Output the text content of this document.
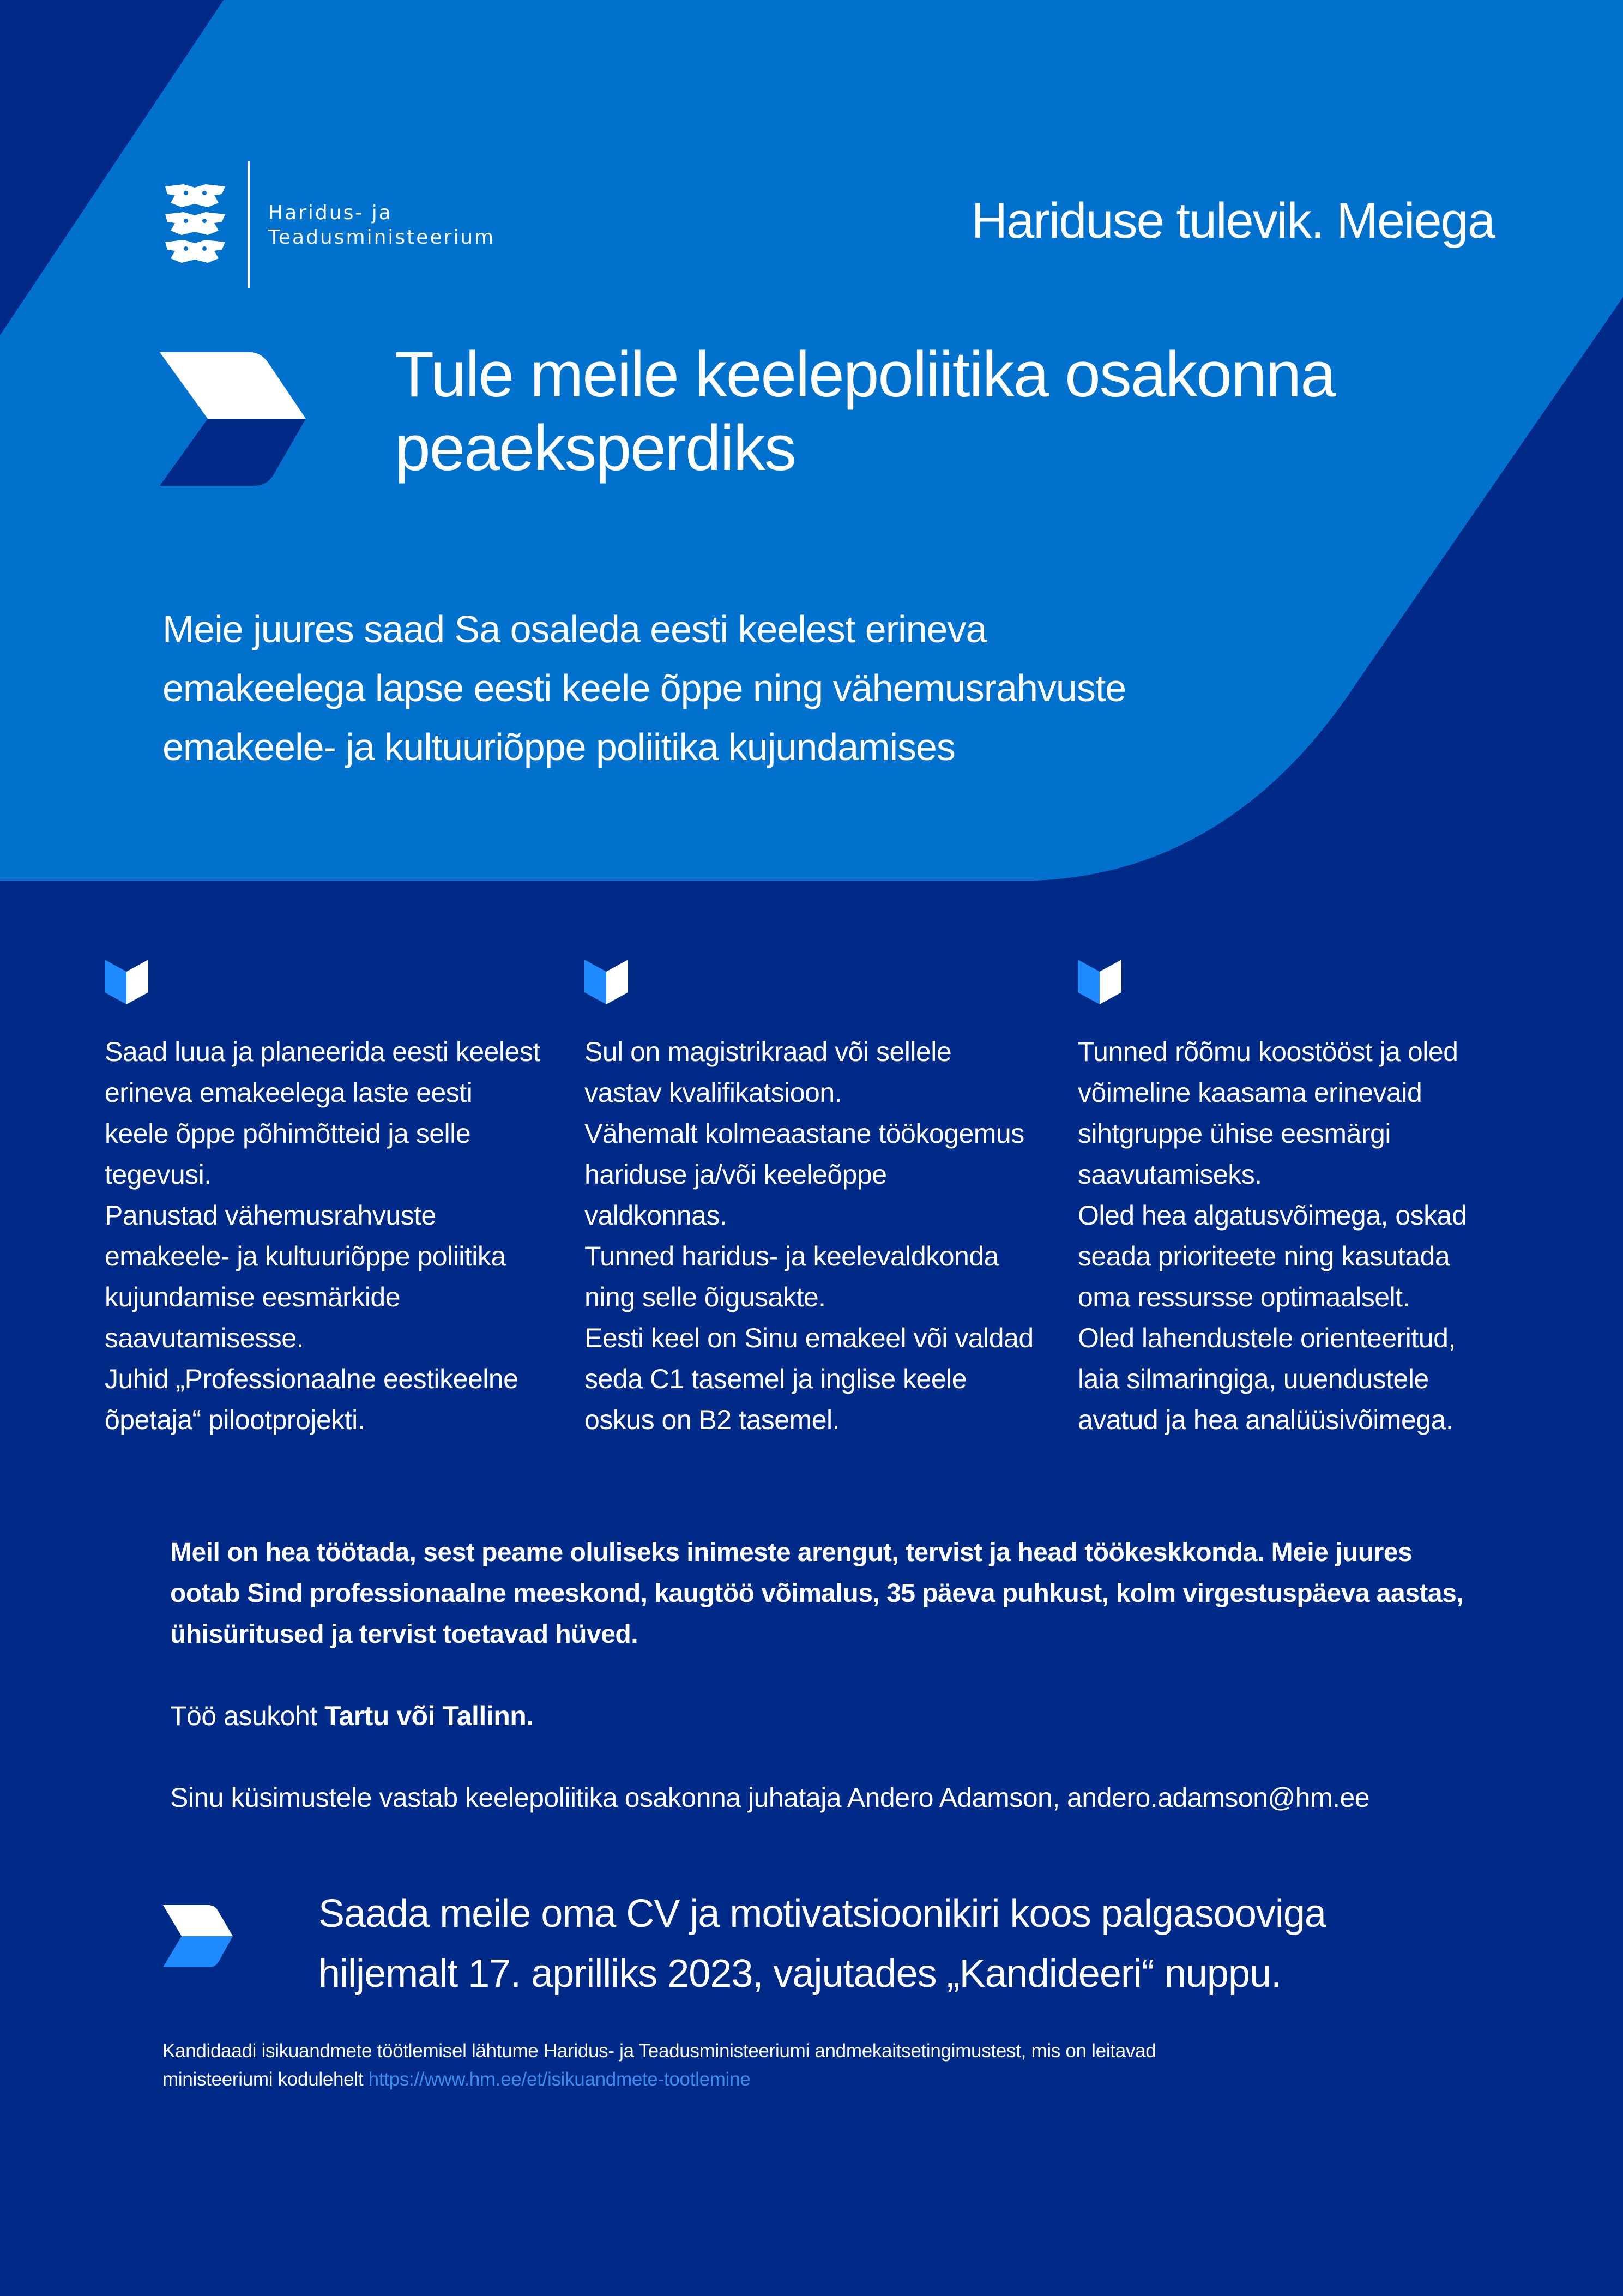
Haridus- ja
Teadusministeerium	Hariduse tulevik. Meiega
Tule meile keelepoliitika osakonna
peaeksperdiks
Meie juures saad Sa osaleda eesti keelest erineva
emakeelega lapse eesti keele õppe ning vähemusrahvuste
emakeele- ja kultuuriõppe poliitika kujundamises
Saad luua ja planeerida eesti keelest
erineva emakeelega laste eesti
keele õppe põhimõtteid ja selle
tegevusi.
Panustad vähemusrahvuste
emakeele- ja kultuuriõppe poliitika
kujundamise eesmärkide
saavutamisesse.
Juhid „Professionaalne eestikeelne
õpetaja“ pilootprojekti.
Sul on magistrikraad või sellele
vastav kvalifikatsioon.
Vähemalt kolmeaastane töökogemus
hariduse ja/või keeleõppe
valdkonnas.
Tunned haridus- ja keelevaldkonda
ning selle õigusakte.
Eesti keel on Sinu emakeel või valdad
seda C1 tasemel ja inglise keele
oskus on B2 tasemel.
Tunned rõõmu koostööst ja oled
võimeline kaasama erinevaid
sihtgruppe ühise eesmärgi
saavutamiseks.
Oled hea algatusvõimega, oskad
seada prioriteete ning kasutada
oma ressursse optimaalselt.
Oled lahendustele orienteeritud,
laia silmaringiga, uuendustele
avatud ja hea analüüsivõimega.
Meil on hea töötada, sest peame oluliseks inimeste arengut, tervist ja head töökeskkonda. Meie juures
ootab Sind professionaalne meeskond, kaugtöö võimalus, 35 päeva puhkust, kolm virgestuspäeva aastas,
ühisüritused ja tervist toetavad hüved.
Töö asukoht Tartu või Tallinn.
Sinu küsimustele vastab keelepoliitika osakonna juhataja Andero Adamson, andero.adamson@hm.ee
Saada meile oma CV ja motivatsioonikiri koos palgasooviga
hiljemalt 17. aprilliks 2023, vajutades „Kandideeri“ nuppu.
Kandidaadi isikuandmete töötlemisel lähtume Haridus- ja Teadusministeeriumi andmekaitsetingimustest, mis on leitavad
ministeeriumi kodulehelt https://www.hm.ee/et/isikuandmete-tootlemine
